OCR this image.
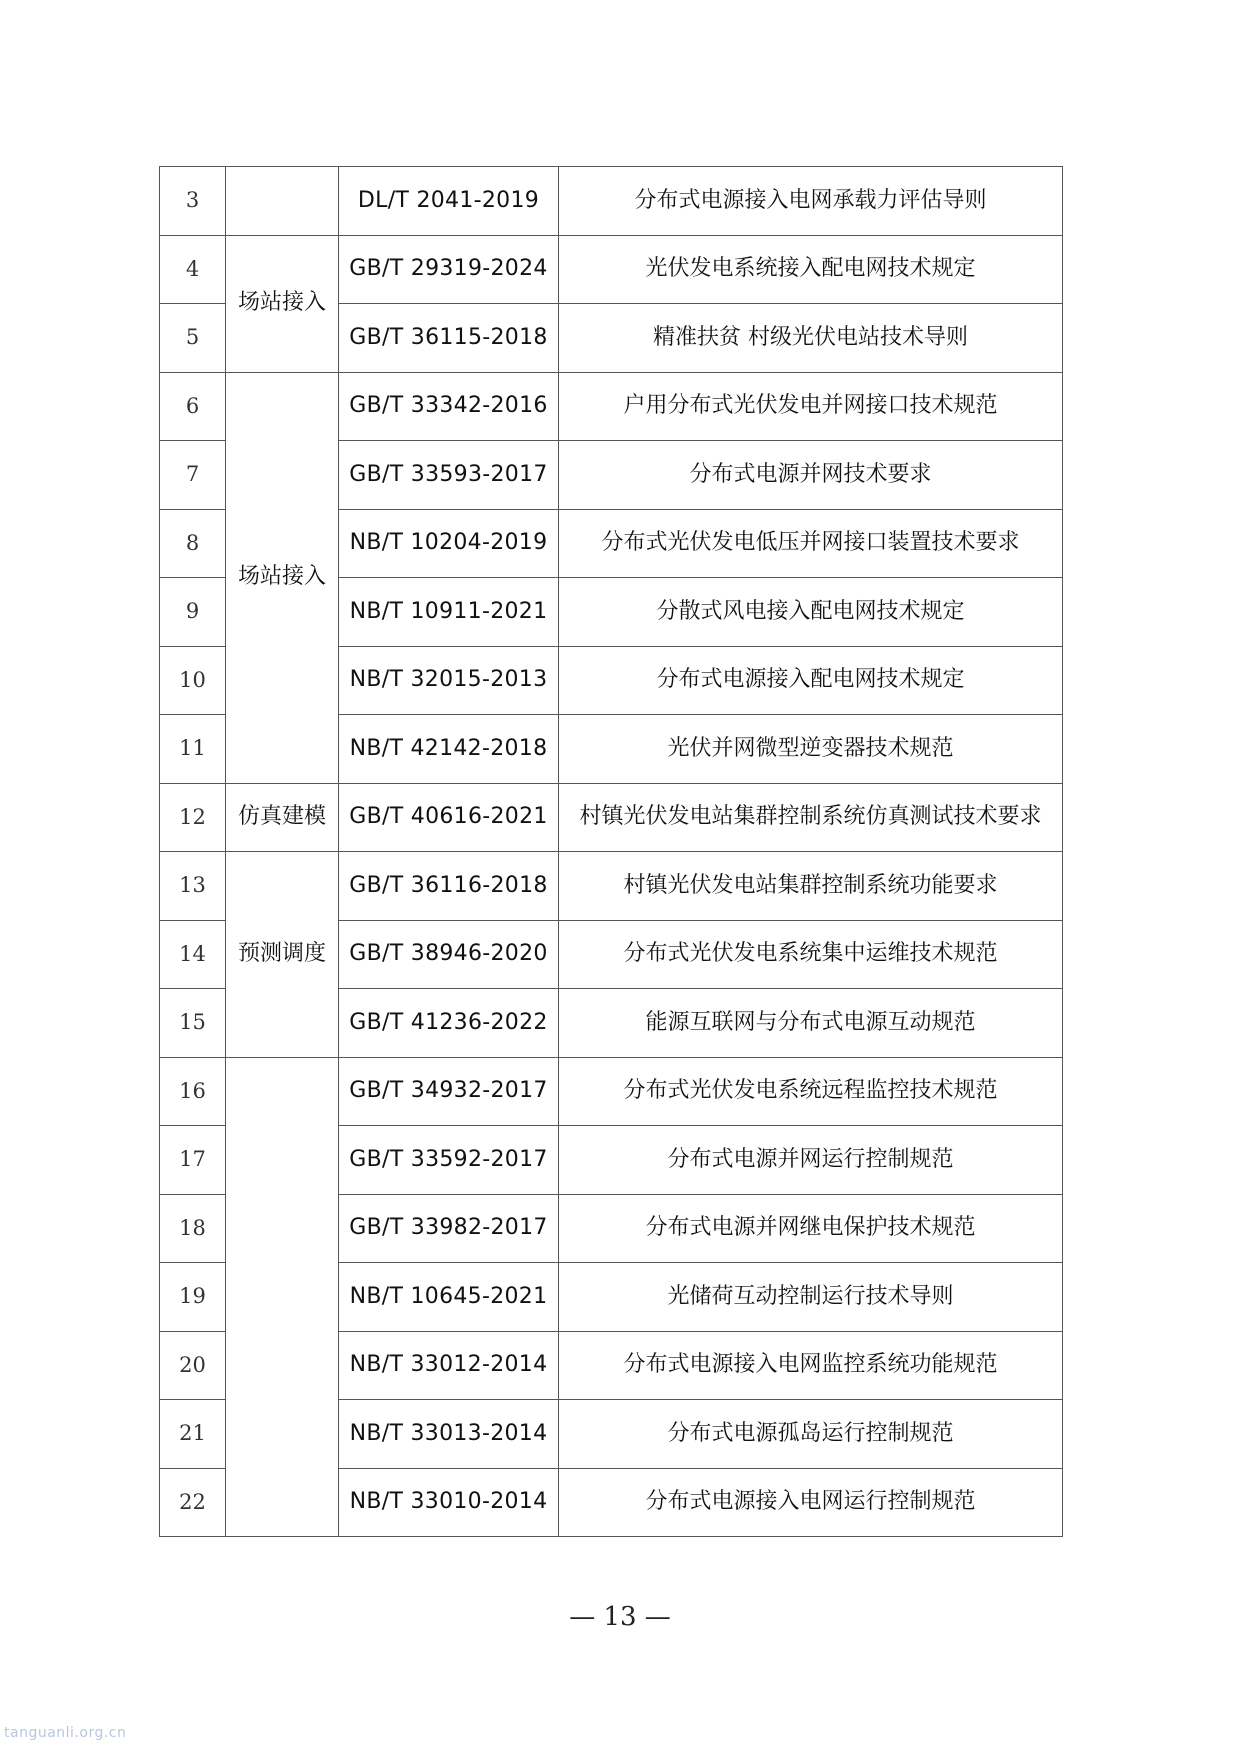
3		DL/T 2041-2019	分布式电源接入电网承载力评估导则
4	场站接入	GB/T 29319-2024	光伏发电系统接入配电网技术规定
5		GB/T 36115-2018	精准扶贫 村级光伏电站技术导则
6	场站接入	GB/T 33342-2016	户用分布式光伏发电并网接口技术规范
7		GB/T 33593-2017	分布式电源并网技术要求
8		NB/T 10204-2019	分布式光伏发电低压并网接口装置技术要求
9		NB/T 10911-2021	分散式风电接入配电网技术规定
10		NB/T 32015-2013	分布式电源接入配电网技术规定
11		NB/T 42142-2018	光伏并网微型逆变器技术规范
12	仿真建模	GB/T 40616-2021	村镇光伏发电站集群控制系统仿真测试技术要求
13	预测调度	GB/T 36116-2018	村镇光伏发电站集群控制系统功能要求
14		GB/T 38946-2020	分布式光伏发电系统集中运维技术规范
15		GB/T 41236-2022	能源互联网与分布式电源互动规范
16		GB/T 34932-2017	分布式光伏发电系统远程监控技术规范
17		GB/T 33592-2017	分布式电源并网运行控制规范
18		GB/T 33982-2017	分布式电源并网继电保护技术规范
19		NB/T 10645-2021	光储荷互动控制运行技术导则
20		NB/T 33012-2014	分布式电源接入电网监控系统功能规范
21		NB/T 33013-2014	分布式电源孤岛运行控制规范
22		NB/T 33010-2014	分布式电源接入电网运行控制规范
— 13 —
tanguanli.org.cn
